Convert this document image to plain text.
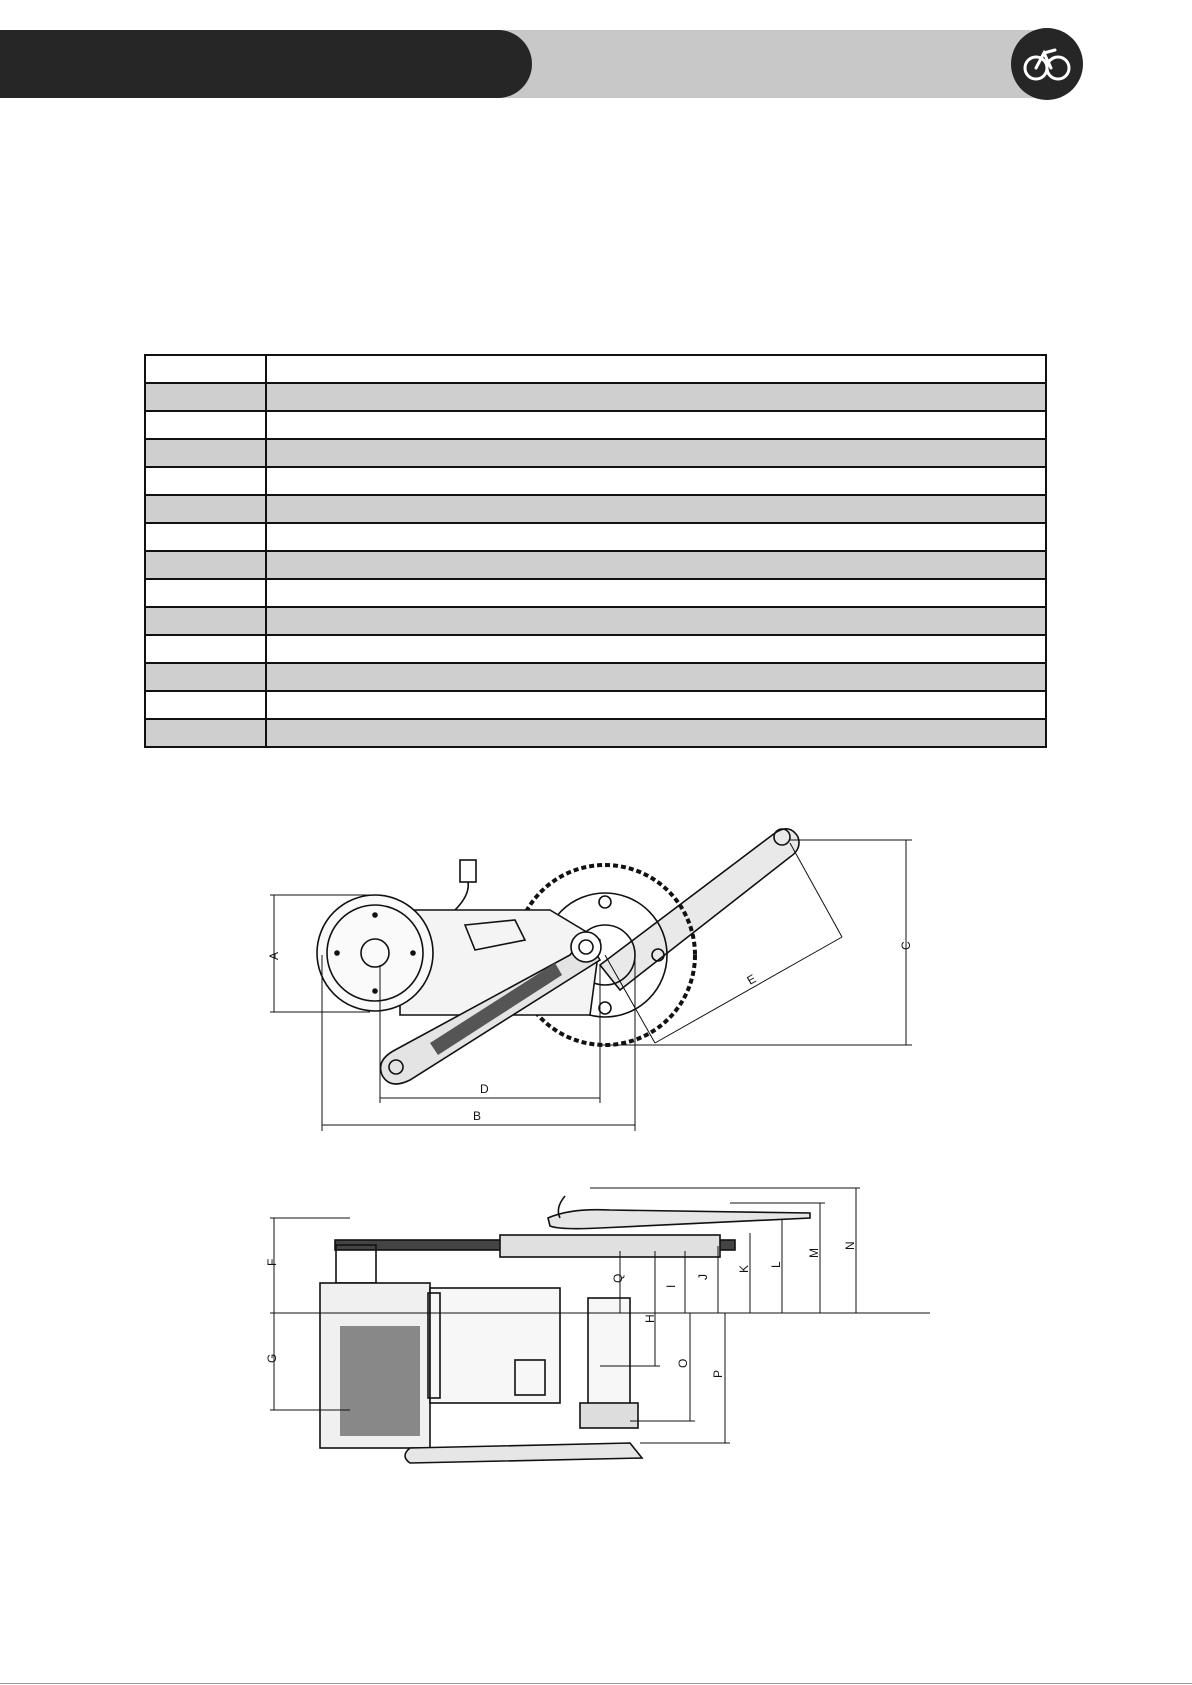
A
B
C
D
E
F
G
Q
I
H
J
O
P
K
L
M
N
